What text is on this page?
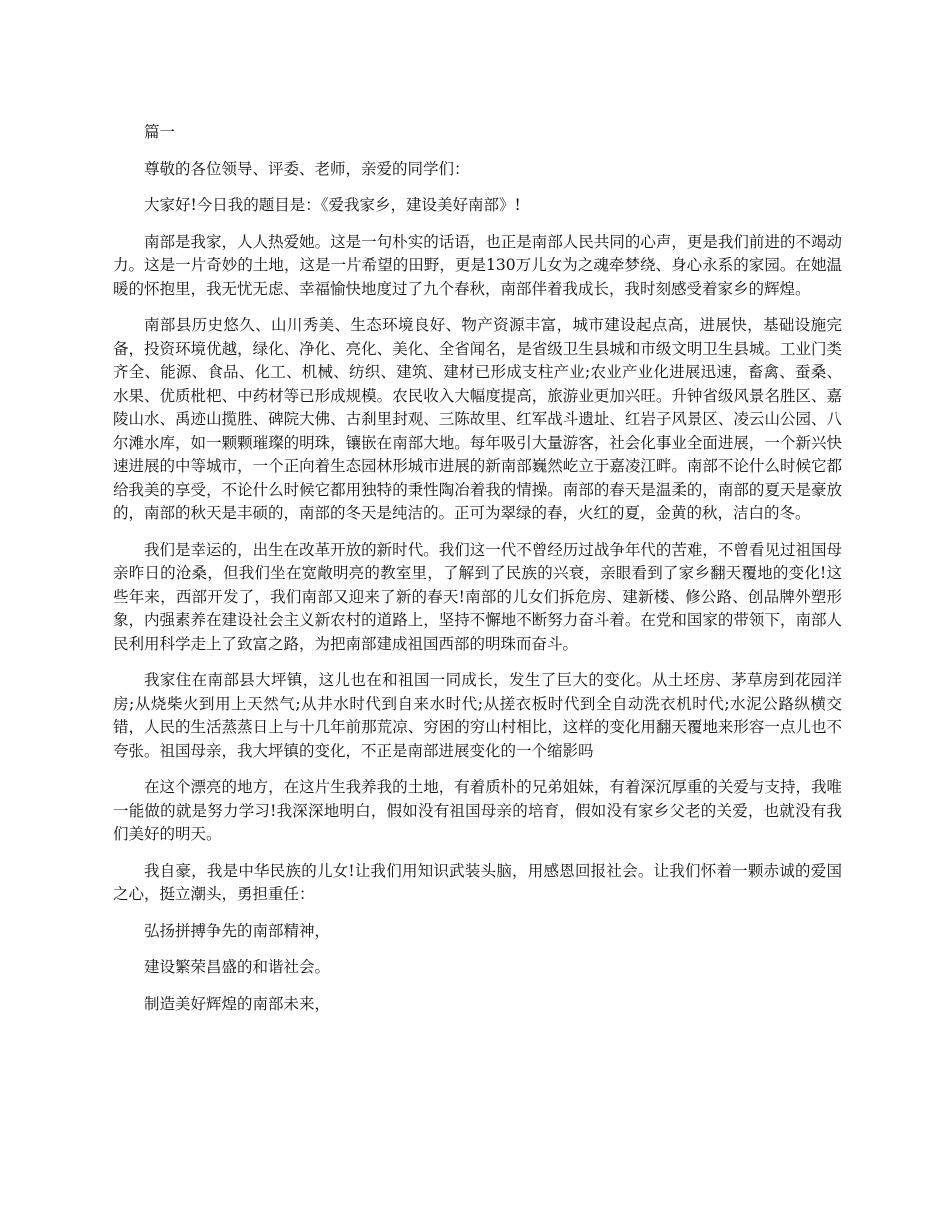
篇一

尊敬的各位领导、评委、老师，亲爱的同学们：

大家好!今日我的题目是：《爱我家乡，建设美好南部》!

南部是我家，人人热爱她。这是一句朴实的话语，也正是南部人民共同的心声，更是我们前进的不竭动力。这是一片奇妙的土地，这是一片希望的田野，更是130万儿女为之魂牵梦绕、身心永系的家园。在她温暖的怀抱里，我无忧无虑、幸福愉快地度过了九个春秋，南部伴着我成长，我时刻感受着家乡的辉煌。

南部县历史悠久、山川秀美、生态环境良好、物产资源丰富，城市建设起点高，进展快，基础设施完备，投资环境优越，绿化、净化、亮化、美化、全省闻名，是省级卫生县城和市级文明卫生县城。工业门类齐全、能源、食品、化工、机械、纺织、建筑、建材已形成支柱产业;农业产业化进展迅速，畜禽、蚕桑、水果、优质枇杷、中药材等已形成规模。农民收入大幅度提高，旅游业更加兴旺。升钟省级风景名胜区、嘉陵山水、禹迹山揽胜、碑院大佛、古刹里封观、三陈故里、红军战斗遗址、红岩子风景区、凌云山公园、八尔滩水库，如一颗颗璀璨的明珠，镶嵌在南部大地。每年吸引大量游客，社会化事业全面进展，一个新兴快速进展的中等城市，一个正向着生态园林形城市进展的新南部巍然屹立于嘉凌江畔。南部不论什么时候它都给我美的享受，不论什么时候它都用独特的秉性陶冶着我的情操。南部的春天是温柔的，南部的夏天是豪放的，南部的秋天是丰硕的，南部的冬天是纯洁的。正可为翠绿的春，火红的夏，金黄的秋，洁白的冬。

我们是幸运的，出生在改革开放的新时代。我们这一代不曾经历过战争年代的苦难，不曾看见过祖国母亲昨日的沧桑，但我们坐在宽敞明亮的教室里，了解到了民族的兴衰，亲眼看到了家乡翻天覆地的变化!这些年来，西部开发了，我们南部又迎来了新的春天!南部的儿女们拆危房、建新楼、修公路、创品牌外塑形象，内强素养在建设社会主义新农村的道路上，坚持不懈地不断努力奋斗着。在党和国家的带领下，南部人民利用科学走上了致富之路，为把南部建成祖国西部的明珠而奋斗。

我家住在南部县大坪镇，这儿也在和祖国一同成长，发生了巨大的变化。从土坯房、茅草房到花园洋房;从烧柴火到用上天然气;从井水时代到自来水时代;从搓衣板时代到全自动洗衣机时代;水泥公路纵横交错，人民的生活蒸蒸日上与十几年前那荒凉、穷困的穷山村相比，这样的变化用翻天覆地来形容一点儿也不夸张。祖国母亲，我大坪镇的变化，不正是南部进展变化的一个缩影吗

在这个漂亮的地方，在这片生我养我的土地，有着质朴的兄弟姐妹，有着深沉厚重的关爱与支持，我唯一能做的就是努力学习!我深深地明白，假如没有祖国母亲的培育，假如没有家乡父老的关爱，也就没有我们美好的明天。

我自豪，我是中华民族的儿女!让我们用知识武装头脑，用感恩回报社会。让我们怀着一颗赤诚的爱国之心，挺立潮头，勇担重任：

弘扬拼搏争先的南部精神，

建设繁荣昌盛的和谐社会。

制造美好辉煌的南部未来，
